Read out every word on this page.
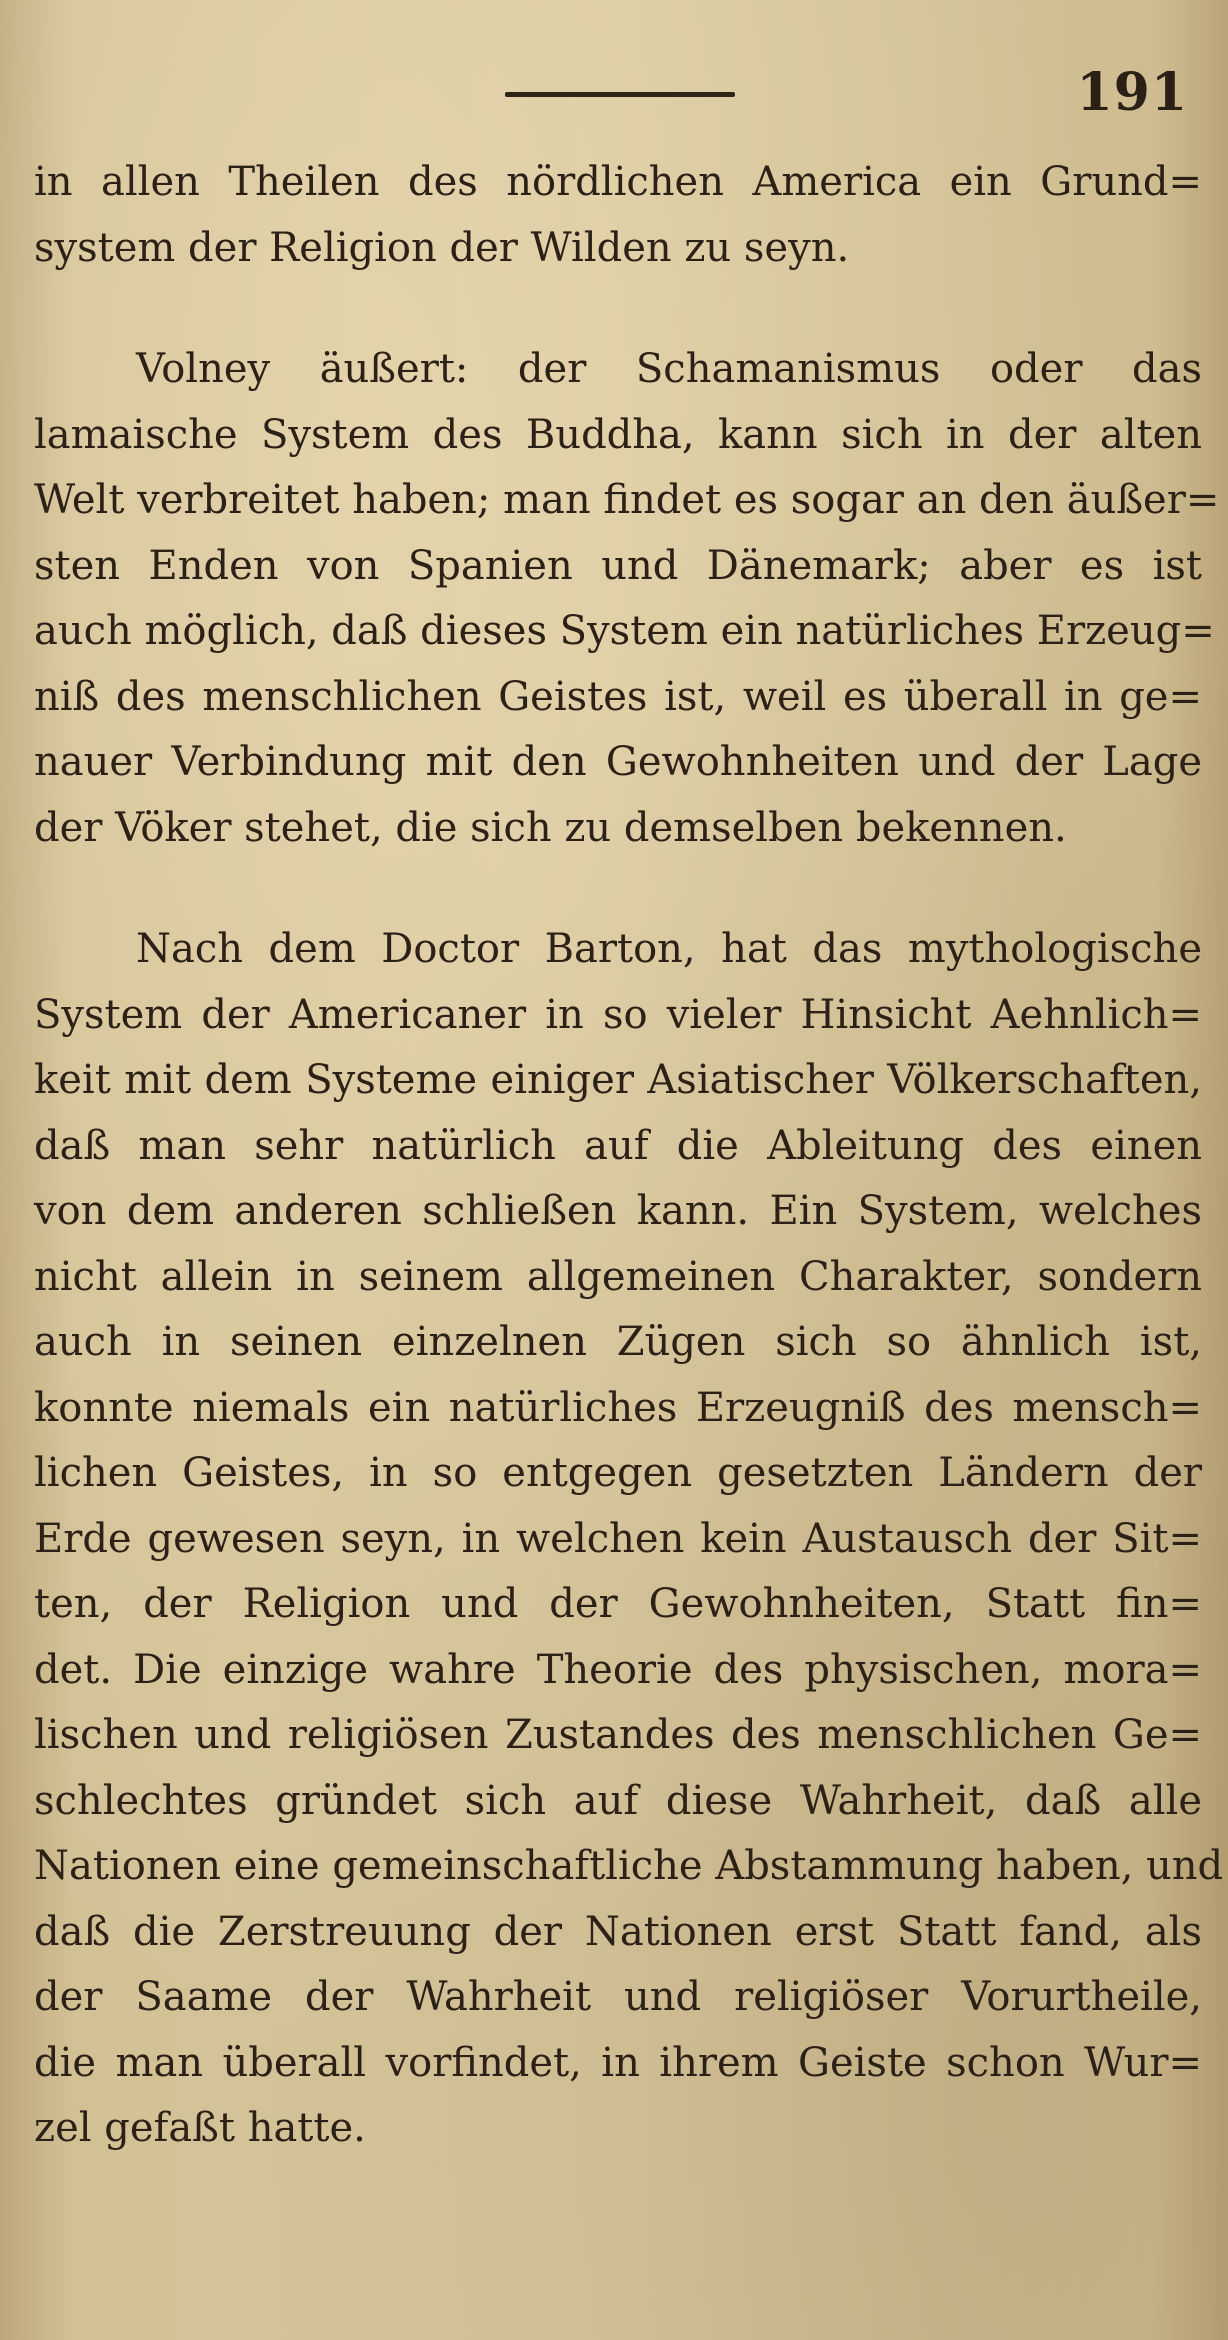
191
in allen Theilen des nördlichen America ein Grund=
system der Religion der Wilden zu seyn.
Volney äußert: der Schamanismus oder das
lamaische System des Buddha, kann sich in der alten
Welt verbreitet haben; man findet es sogar an den äußer=
sten Enden von Spanien und Dänemark; aber es ist
auch möglich, daß dieses System ein natürliches Erzeug=
niß des menschlichen Geistes ist, weil es überall in ge=
nauer Verbindung mit den Gewohnheiten und der Lage
der Vöker stehet, die sich zu demselben bekennen.
Nach dem Doctor Barton, hat das mythologische
System der Americaner in so vieler Hinsicht Aehnlich=
keit mit dem Systeme einiger Asiatischer Völkerschaften,
daß man sehr natürlich auf die Ableitung des einen
von dem anderen schließen kann. Ein System, welches
nicht allein in seinem allgemeinen Charakter, sondern
auch in seinen einzelnen Zügen sich so ähnlich ist,
konnte niemals ein natürliches Erzeugniß des mensch=
lichen Geistes, in so entgegen gesetzten Ländern der
Erde gewesen seyn, in welchen kein Austausch der Sit=
ten, der Religion und der Gewohnheiten, Statt fin=
det. Die einzige wahre Theorie des physischen, mora=
lischen und religiösen Zustandes des menschlichen Ge=
schlechtes gründet sich auf diese Wahrheit, daß alle
Nationen eine gemeinschaftliche Abstammung haben, und
daß die Zerstreuung der Nationen erst Statt fand, als
der Saame der Wahrheit und religiöser Vorurtheile,
die man überall vorfindet, in ihrem Geiste schon Wur=
zel gefaßt hatte.
